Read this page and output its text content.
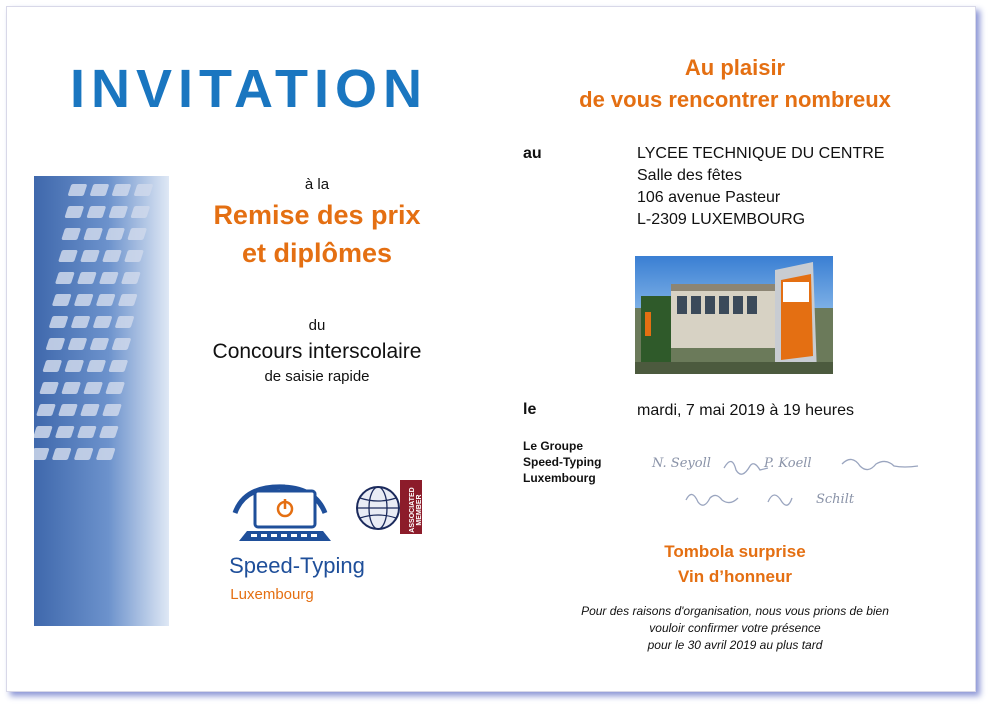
INVITATION
à la
Remise des prix
et diplômes
du
Concours interscolaire
de saisie rapide
Speed-Typing
Luxembourg
ASSOCIATED MEMBER
Au plaisir
de vous rencontrer nombreux
au	LYCEE TECHNIQUE DU CENTRE
Salle des fêtes
106 avenue Pasteur
L-2309 LUXEMBOURG
le	mardi, 7 mai 2019 à 19 heures
Le Groupe
Speed-Typing
Luxembourg
N. Seyoll	P. Koell
Schilt
Tombola surprise
Vin d’honneur
Pour des raisons d'organisation, nous vous prions de bien
vouloir confirmer votre présence
pour le 30 avril 2019 au plus tard
